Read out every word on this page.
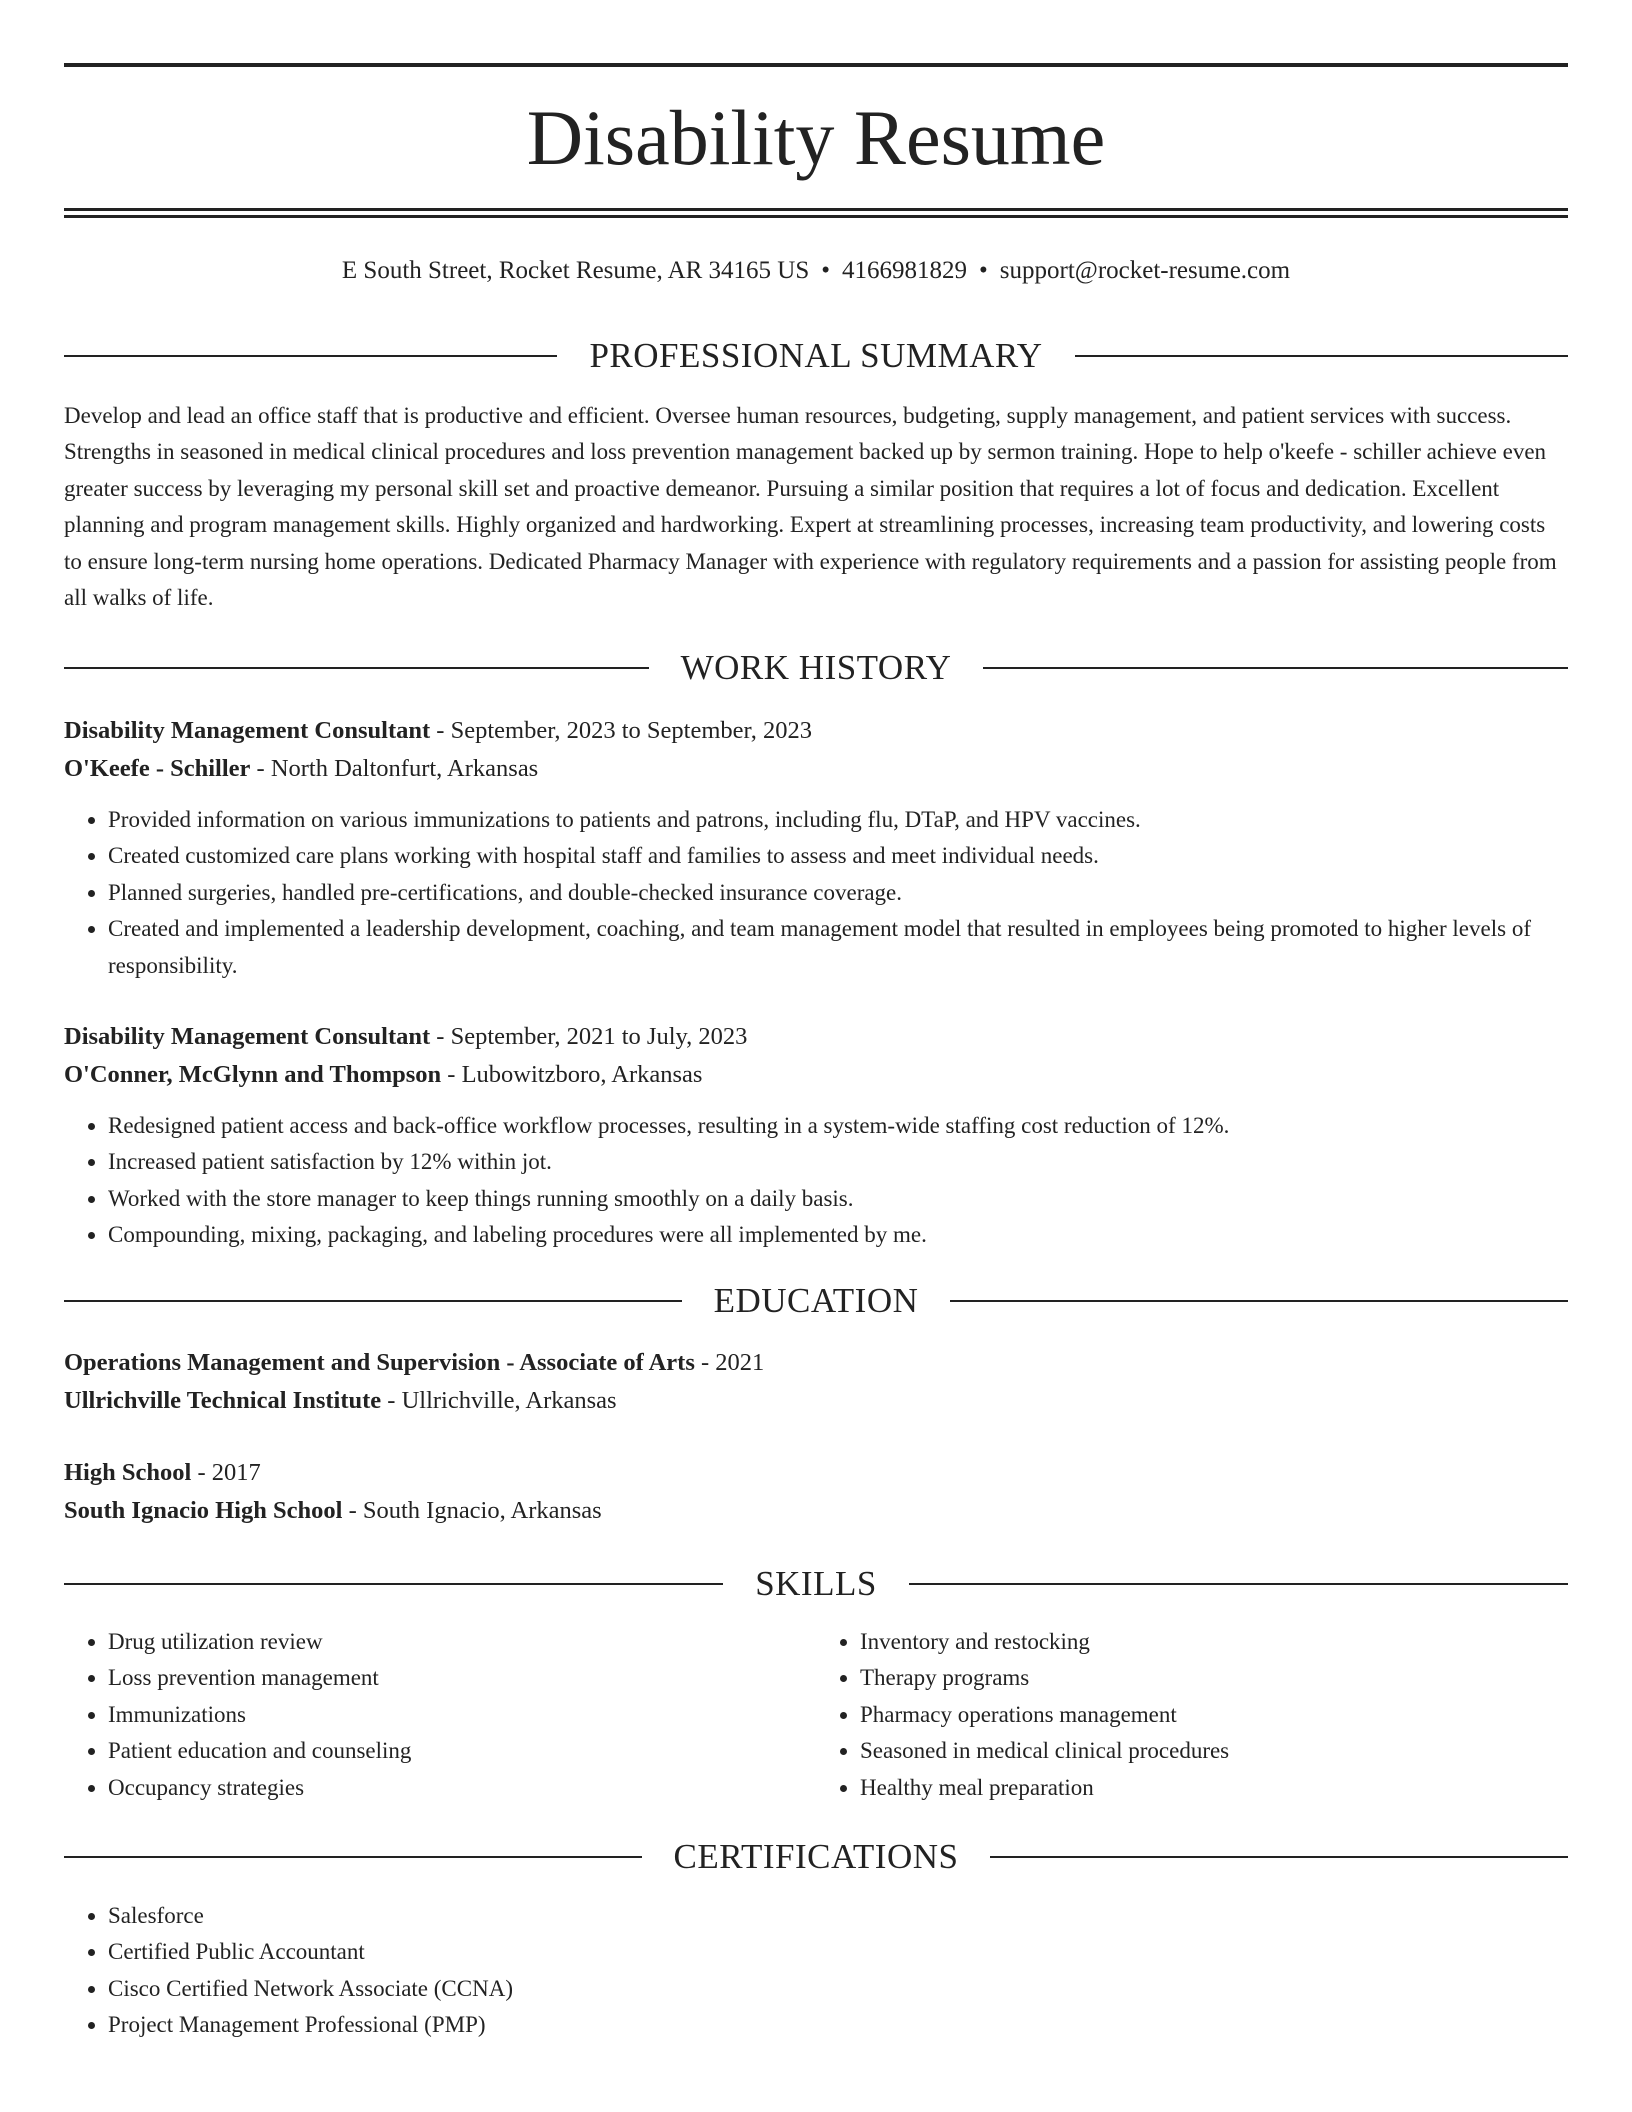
Disability Resume
E South Street, Rocket Resume, AR 34165 US • 4166981829 • support@rocket-resume.com
PROFESSIONAL SUMMARY

Develop and lead an office staff that is productive and efficient. Oversee human resources, budgeting, supply management, and patient services with success. Strengths in seasoned in medical clinical procedures and loss prevention management backed up by sermon training. Hope to help o'keefe - schiller achieve even greater success by leveraging my personal skill set and proactive demeanor. Pursuing a similar position that requires a lot of focus and dedication. Excellent planning and program management skills. Highly organized and hardworking. Expert at streamlining processes, increasing team productivity, and lowering costs to ensure long-term nursing home operations. Dedicated Pharmacy Manager with experience with regulatory requirements and a passion for assisting people from all walks of life.

WORK HISTORY
Disability Management Consultant - September, 2023 to September, 2023
O'Keefe - Schiller - North Daltonfurt, Arkansas
• Provided information on various immunizations to patients and patrons, including flu, DTaP, and HPV vaccines.
• Created customized care plans working with hospital staff and families to assess and meet individual needs.
• Planned surgeries, handled pre-certifications, and double-checked insurance coverage.
• Created and implemented a leadership development, coaching, and team management model that resulted in employees being promoted to higher levels of responsibility.
Disability Management Consultant - September, 2021 to July, 2023
O'Conner, McGlynn and Thompson - Lubowitzboro, Arkansas
• Redesigned patient access and back-office workflow processes, resulting in a system-wide staffing cost reduction of 12%.
• Increased patient satisfaction by 12% within jot.
• Worked with the store manager to keep things running smoothly on a daily basis.
• Compounding, mixing, packaging, and labeling procedures were all implemented by me.
EDUCATION
Operations Management and Supervision - Associate of Arts - 2021
Ullrichville Technical Institute - Ullrichville, Arkansas
High School - 2017
South Ignacio High School - South Ignacio, Arkansas
SKILLS
• Drug utilization review
• Loss prevention management
• Immunizations
• Patient education and counseling
• Occupancy strategies
• Inventory and restocking
• Therapy programs
• Pharmacy operations management
• Seasoned in medical clinical procedures
• Healthy meal preparation
CERTIFICATIONS
• Salesforce
• Certified Public Accountant
• Cisco Certified Network Associate (CCNA)
• Project Management Professional (PMP)
